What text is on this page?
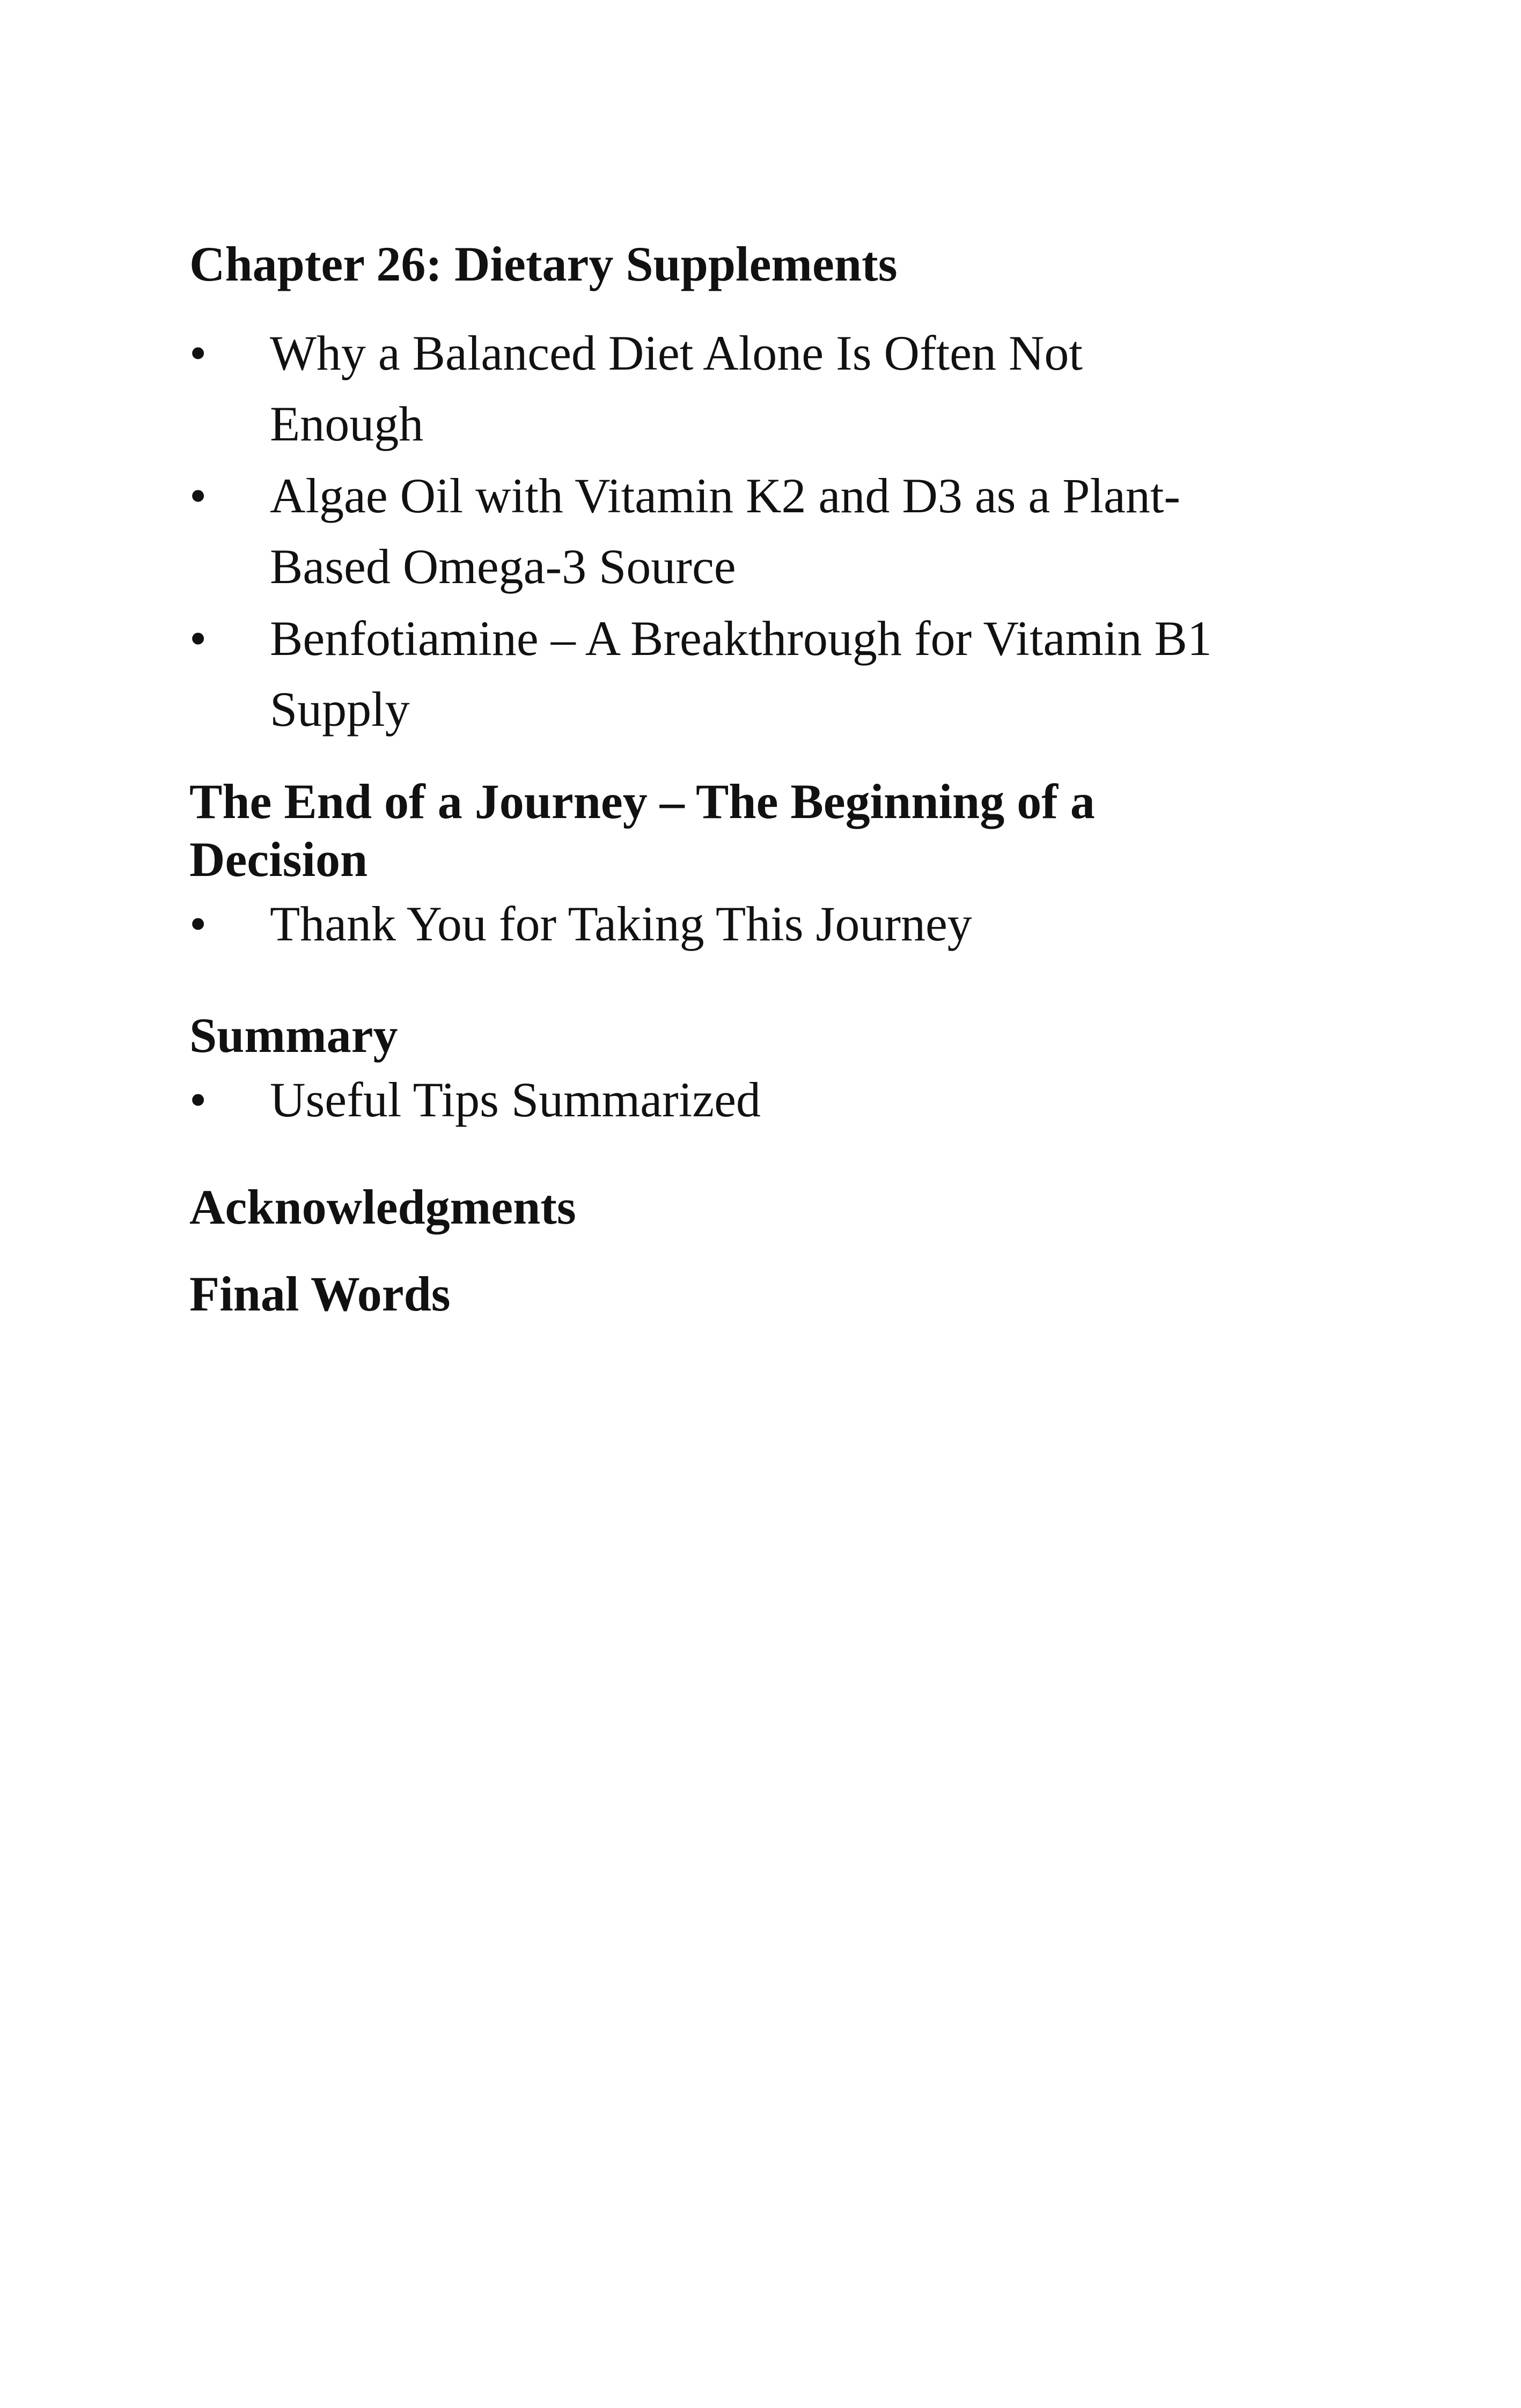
Chapter 26: Dietary Supplements
•	Why a Balanced Diet Alone Is Often Not
Enough
•	Algae Oil with Vitamin K2 and D3 as a Plant-
Based Omega-3 Source
•	Benfotiamine – A Breakthrough for Vitamin B1
Supply
The End of a Journey – The Beginning of a
Decision
•	Thank You for Taking This Journey
Summary
•	Useful Tips Summarized
Acknowledgments
Final Words
